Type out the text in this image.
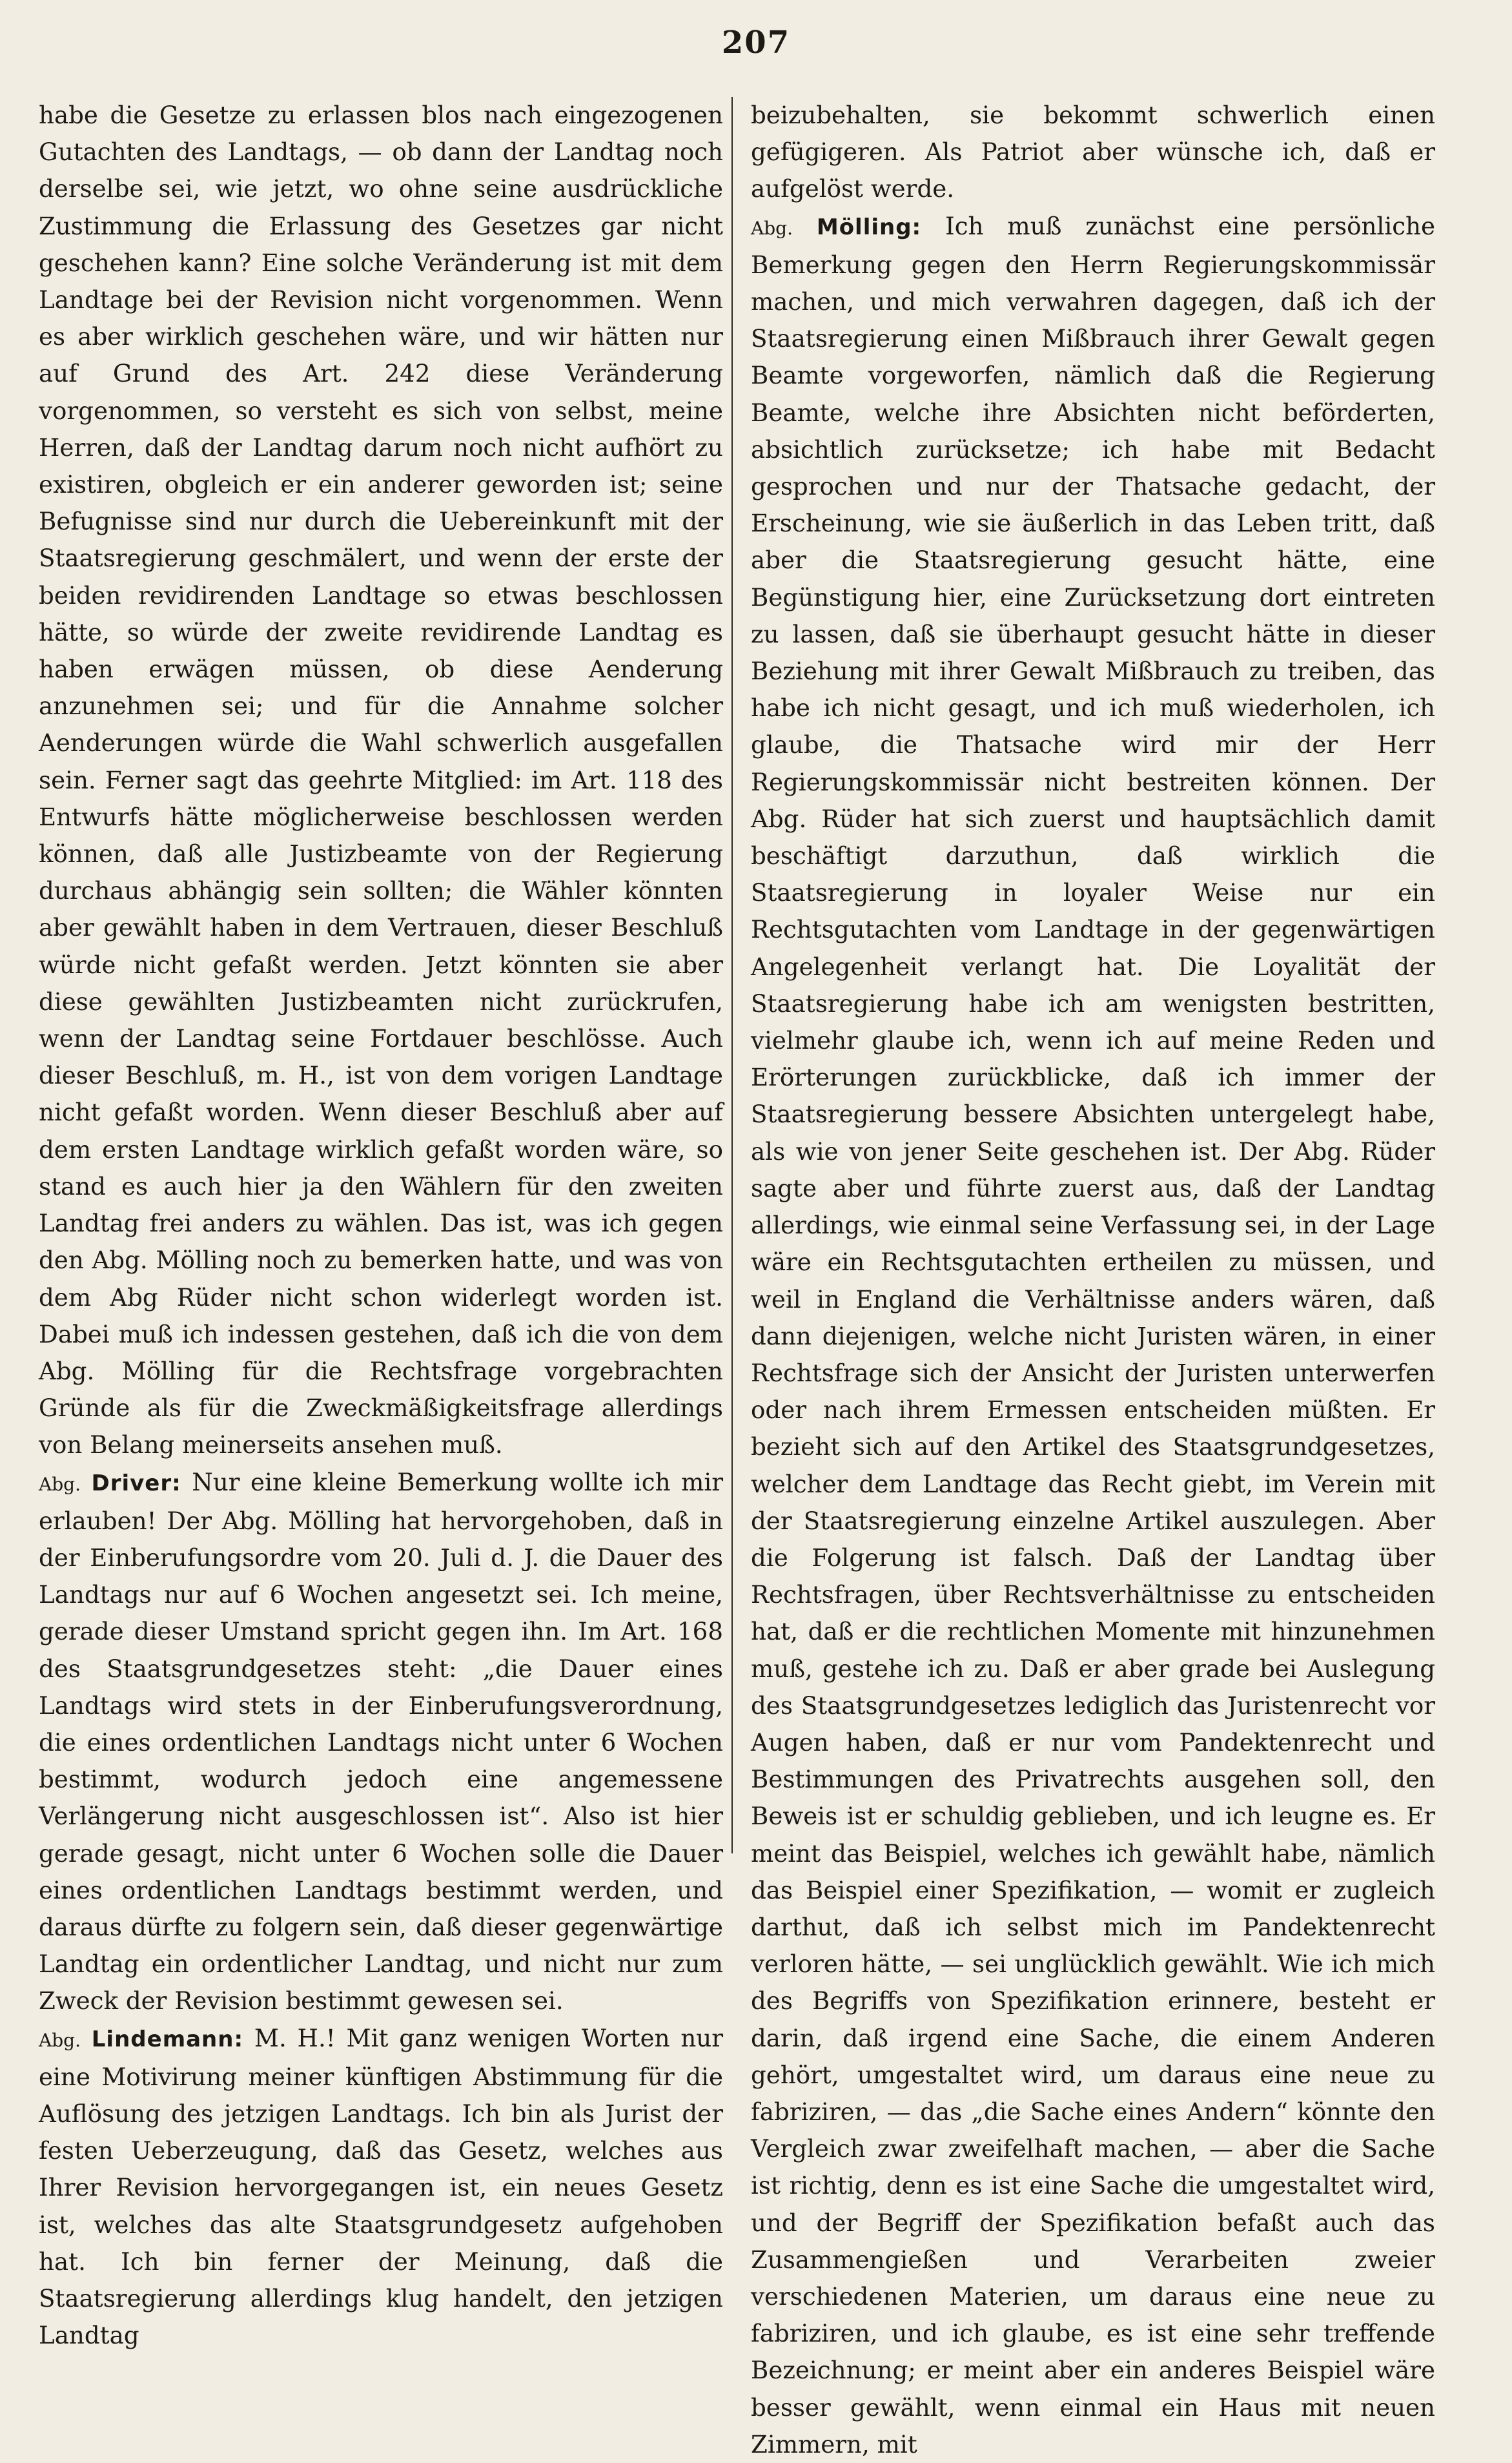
207

habe die Gesetze zu erlassen blos nach eingezogenen Gutachten des Landtags, — ob dann der Landtag noch derselbe sei, wie jetzt, wo ohne seine ausdrückliche Zustimmung die Erlassung des Gesetzes gar nicht geschehen kann? Eine solche Veränderung ist mit dem Landtage bei der Revision nicht vorgenommen. Wenn es aber wirklich geschehen wäre, und wir hätten nur auf Grund des Art. 242 diese Veränderung vorgenommen, so versteht es sich von selbst, meine Herren, daß der Landtag darum noch nicht aufhört zu existiren, obgleich er ein anderer geworden ist; seine Befugnisse sind nur durch die Uebereinkunft mit der Staatsregierung geschmälert, und wenn der erste der beiden revidirenden Landtage so etwas beschlossen hätte, so würde der zweite revidirende Landtag es haben erwägen müssen, ob diese Aenderung anzunehmen sei; und für die Annahme solcher Aenderungen würde die Wahl schwerlich ausgefallen sein. Ferner sagt das geehrte Mitglied: im Art. 118 des Entwurfs hätte möglicherweise beschlossen werden können, daß alle Justizbeamte von der Regierung durchaus abhängig sein sollten; die Wähler könnten aber gewählt haben in dem Vertrauen, dieser Beschluß würde nicht gefaßt werden. Jetzt könnten sie aber diese gewählten Justizbeamten nicht zurückrufen, wenn der Landtag seine Fortdauer beschlösse. Auch dieser Beschluß, m. H., ist von dem vorigen Landtage nicht gefaßt worden. Wenn dieser Beschluß aber auf dem ersten Landtage wirklich gefaßt worden wäre, so stand es auch hier ja den Wählern für den zweiten Landtag frei anders zu wählen. Das ist, was ich gegen den Abg. Mölling noch zu bemerken hatte, und was von dem Abg Rüder nicht schon widerlegt worden ist. Dabei muß ich indessen gestehen, daß ich die von dem Abg. Mölling für die Rechtsfrage vorgebrachten Gründe als für die Zweckmäßigkeitsfrage allerdings von Belang meinerseits ansehen muß.

Abg. Driver: Nur eine kleine Bemerkung wollte ich mir erlauben! Der Abg. Mölling hat hervorgehoben, daß in der Einberufungsordre vom 20. Juli d. J. die Dauer des Landtags nur auf 6 Wochen angesetzt sei. Ich meine, gerade dieser Umstand spricht gegen ihn. Im Art. 168 des Staatsgrundgesetzes steht: „die Dauer eines Landtags wird stets in der Einberufungsverordnung, die eines ordentlichen Landtags nicht unter 6 Wochen bestimmt, wodurch jedoch eine angemessene Verlängerung nicht ausgeschlossen ist“. Also ist hier gerade gesagt, nicht unter 6 Wochen solle die Dauer eines ordentlichen Landtags bestimmt werden, und daraus dürfte zu folgern sein, daß dieser gegenwärtige Landtag ein ordentlicher Landtag, und nicht nur zum Zweck der Revision bestimmt gewesen sei.

Abg. Lindemann: M. H.! Mit ganz wenigen Worten nur eine Motivirung meiner künftigen Abstimmung für die Auflösung des jetzigen Landtags. Ich bin als Jurist der festen Ueberzeugung, daß das Gesetz, welches aus Ihrer Revision hervorgegangen ist, ein neues Gesetz ist, welches das alte Staatsgrundgesetz aufgehoben hat. Ich bin ferner der Meinung, daß die Staatsregierung allerdings klug handelt, den jetzigen Landtag

beizubehalten, sie bekommt schwerlich einen gefügigeren. Als Patriot aber wünsche ich, daß er aufgelöst werde.

Abg. Mölling: Ich muß zunächst eine persönliche Bemerkung gegen den Herrn Regierungskommissär machen, und mich verwahren dagegen, daß ich der Staatsregierung einen Mißbrauch ihrer Gewalt gegen Beamte vorgeworfen, nämlich daß die Regierung Beamte, welche ihre Absichten nicht beförderten, absichtlich zurücksetze; ich habe mit Bedacht gesprochen und nur der Thatsache gedacht, der Erscheinung, wie sie äußerlich in das Leben tritt, daß aber die Staatsregierung gesucht hätte, eine Begünstigung hier, eine Zurücksetzung dort eintreten zu lassen, daß sie überhaupt gesucht hätte in dieser Beziehung mit ihrer Gewalt Mißbrauch zu treiben, das habe ich nicht gesagt, und ich muß wiederholen, ich glaube, die Thatsache wird mir der Herr Regierungskommissär nicht bestreiten können. Der Abg. Rüder hat sich zuerst und hauptsächlich damit beschäftigt darzuthun, daß wirklich die Staatsregierung in loyaler Weise nur ein Rechtsgutachten vom Landtage in der gegenwärtigen Angelegenheit verlangt hat. Die Loyalität der Staatsregierung habe ich am wenigsten bestritten, vielmehr glaube ich, wenn ich auf meine Reden und Erörterungen zurückblicke, daß ich immer der Staatsregierung bessere Absichten untergelegt habe, als wie von jener Seite geschehen ist. Der Abg. Rüder sagte aber und führte zuerst aus, daß der Landtag allerdings, wie einmal seine Verfassung sei, in der Lage wäre ein Rechtsgutachten ertheilen zu müssen, und weil in England die Verhältnisse anders wären, daß dann diejenigen, welche nicht Juristen wären, in einer Rechtsfrage sich der Ansicht der Juristen unterwerfen oder nach ihrem Ermessen entscheiden müßten. Er bezieht sich auf den Artikel des Staatsgrundgesetzes, welcher dem Landtage das Recht giebt, im Verein mit der Staatsregierung einzelne Artikel auszulegen. Aber die Folgerung ist falsch. Daß der Landtag über Rechtsfragen, über Rechtsverhältnisse zu entscheiden hat, daß er die rechtlichen Momente mit hinzunehmen muß, gestehe ich zu. Daß er aber grade bei Auslegung des Staatsgrundgesetzes lediglich das Juristenrecht vor Augen haben, daß er nur vom Pandektenrecht und Bestimmungen des Privatrechts ausgehen soll, den Beweis ist er schuldig geblieben, und ich leugne es. Er meint das Beispiel, welches ich gewählt habe, nämlich das Beispiel einer Spezifikation, — womit er zugleich darthut, daß ich selbst mich im Pandektenrecht verloren hätte, — sei unglücklich gewählt. Wie ich mich des Begriffs von Spezifikation erinnere, besteht er darin, daß irgend eine Sache, die einem Anderen gehört, umgestaltet wird, um daraus eine neue zu fabriziren, — das „die Sache eines Andern“ könnte den Vergleich zwar zweifelhaft machen, — aber die Sache ist richtig, denn es ist eine Sache die umgestaltet wird, und der Begriff der Spezifikation befaßt auch das Zusammengießen und Verarbeiten zweier verschiedenen Materien, um daraus eine neue zu fabriziren, und ich glaube, es ist eine sehr treffende Bezeichnung; er meint aber ein anderes Beispiel wäre besser gewählt, wenn einmal ein Haus mit neuen Zimmern, mit
